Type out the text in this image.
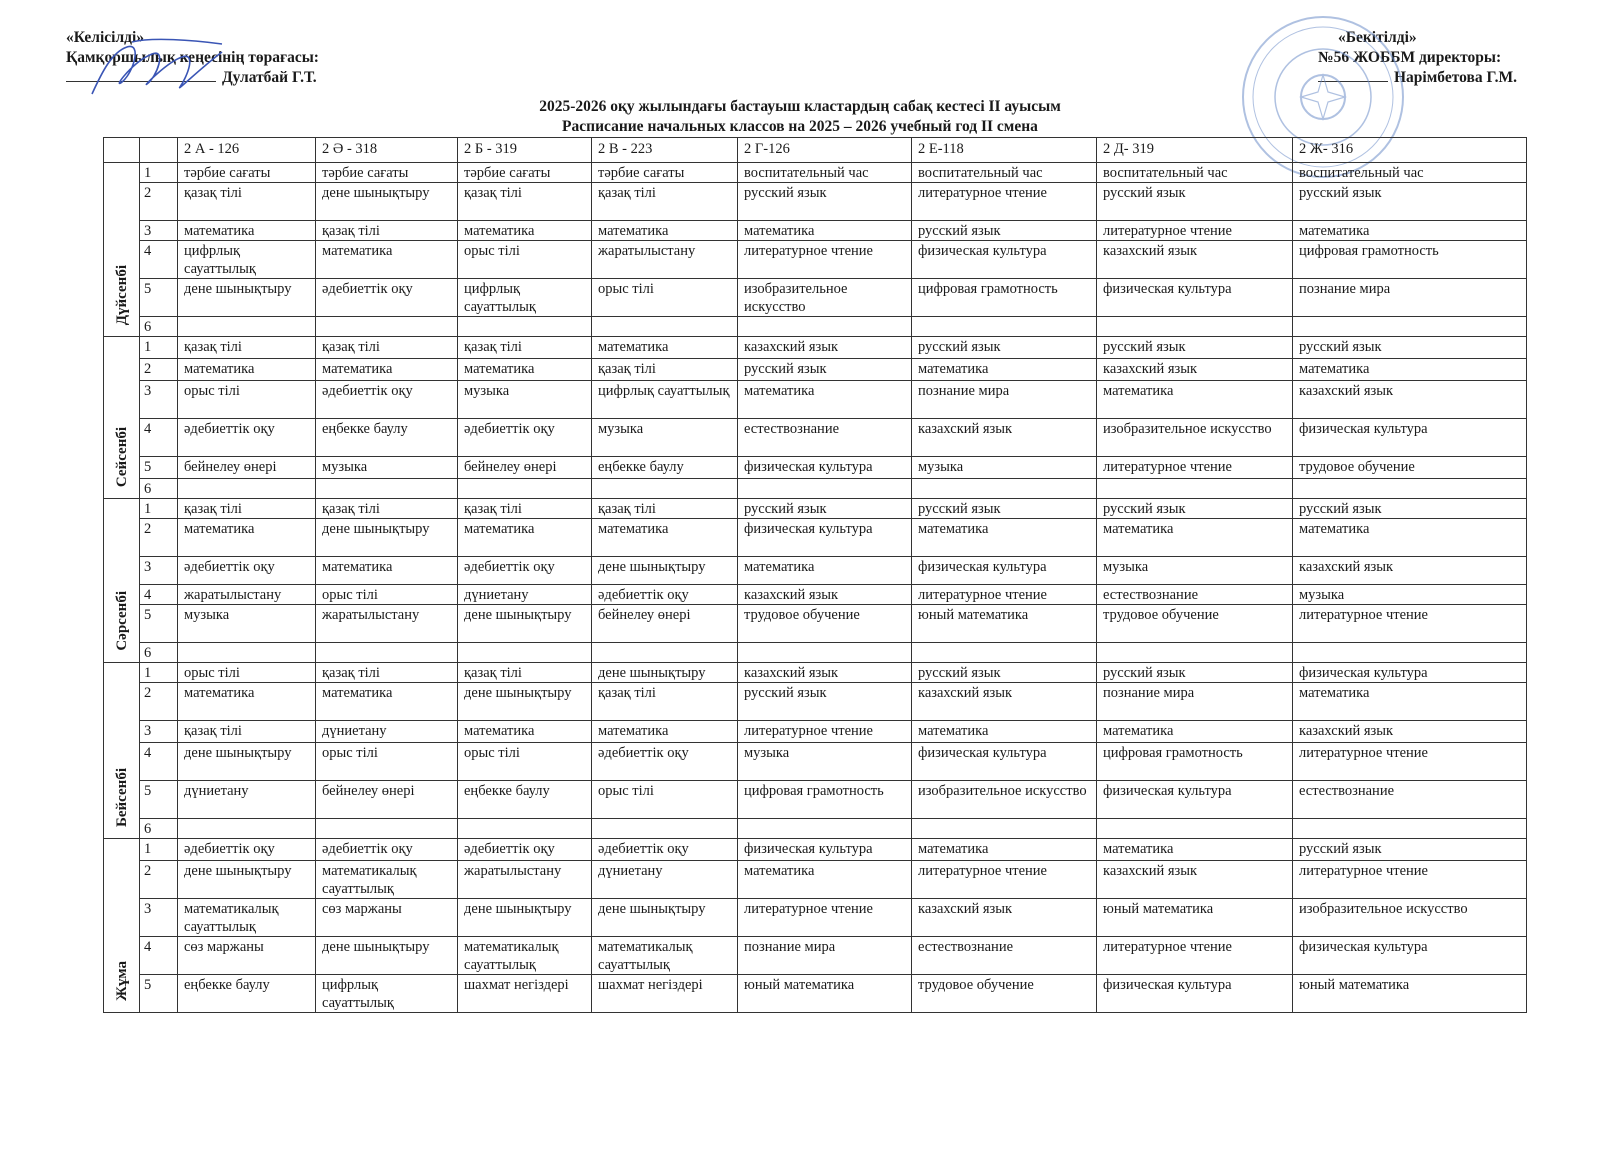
«Келісілді»
Қамқоршылық кеңесінің төрағасы:
Дулатбай Г.Т.
«Бекітілді»
№56 ЖОББМ директоры:
Нарімбетова Г.М.
2025-2026 оқу жылындағы бастауыш кластардың сабақ кестесі II ауысым
Расписание начальных классов на 2025 – 2026 учебный год II смена
		2 А - 126	2 Ә - 318	2 Б - 319	2 В - 223	2 Г-126	2 Е-118	2 Д- 319	2 Ж- 316
Дүйсенбі	1	тәрбие сағаты	тәрбие сағаты	тәрбие сағаты	тәрбие сағаты	воспитательный час	воспитательный час	воспитательный час	воспитательный час
	2	қазақ тілі	дене шынықтыру	қазақ тілі	қазақ тілі	русский язык	литературное чтение	русский язык	русский язык
	3	математика	қазақ тілі	математика	математика	математика	русский язык	литературное чтение	математика
	4	цифрлық сауаттылық	математика	орыс тілі	жаратылыстану	литературное чтение	физическая культура	казахский язык	цифровая грамотность
	5	дене шынықтыру	әдебиеттік оқу	цифрлық сауаттылық	орыс тілі	изобразительное искусство	цифровая грамотность	физическая культура	познание мира
	6								
Сейсенбі	1	қазақ тілі	қазақ тілі	қазақ тілі	математика	казахский язык	русский язык	русский язык	русский язык
	2	математика	математика	математика	қазақ тілі	русский язык	математика	казахский язык	математика
	3	орыс тілі	әдебиеттік оқу	музыка	цифрлық сауаттылық	математика	познание мира	математика	казахский язык
	4	әдебиеттік оқу	еңбекке баулу	әдебиеттік оқу	музыка	естествознание	казахский язык	изобразительное искусство	физическая культура
	5	бейнелеу өнері	музыка	бейнелеу өнері	еңбекке баулу	физическая культура	музыка	литературное чтение	трудовое обучение
	6								
Сәрсенбі	1	қазақ тілі	қазақ тілі	қазақ тілі	қазақ тілі	русский язык	русский язык	русский язык	русский язык
	2	математика	дене шынықтыру	математика	математика	физическая культура	математика	математика	математика
	3	әдебиеттік оқу	математика	әдебиеттік оқу	дене шынықтыру	математика	физическая культура	музыка	казахский язык
	4	жаратылыстану	орыс тілі	дүниетану	әдебиеттік оқу	казахский язык	литературное чтение	естествознание	музыка
	5	музыка	жаратылыстану	дене шынықтыру	бейнелеу өнері	трудовое обучение	юный математика	трудовое обучение	литературное чтение
	6								
Бейсенбі	1	орыс тілі	қазақ тілі	қазақ тілі	дене шынықтыру	казахский язык	русский язык	русский язык	физическая культура
	2	математика	математика	дене шынықтыру	қазақ тілі	русский язык	казахский язык	познание мира	математика
	3	қазақ тілі	дүниетану	математика	математика	литературное чтение	математика	математика	казахский язык
	4	дене шынықтыру	орыс тілі	орыс тілі	әдебиеттік оқу	музыка	физическая культура	цифровая грамотность	литературное чтение
	5	дүниетану	бейнелеу өнері	еңбекке баулу	орыс тілі	цифровая грамотность	изобразительное искусство	физическая культура	естествознание
	6								
Жұма	1	әдебиеттік оқу	әдебиеттік оқу	әдебиеттік оқу	әдебиеттік оқу	физическая культура	математика	математика	русский язык
	2	дене шынықтыру	математикалық сауаттылық	жаратылыстану	дүниетану	математика	литературное чтение	казахский язык	литературное чтение
	3	математикалық сауаттылық	сөз маржаны	дене шынықтыру	дене шынықтыру	литературное чтение	казахский язык	юный математика	изобразительное искусство
	4	сөз маржаны	дене шынықтыру	математикалық сауаттылық	математикалық сауаттылық	познание мира	естествознание	литературное чтение	физическая культура
	5	еңбекке баулу	цифрлық сауаттылық	шахмат негіздері	шахмат негіздері	юный математика	трудовое обучение	физическая культура	юный математика
